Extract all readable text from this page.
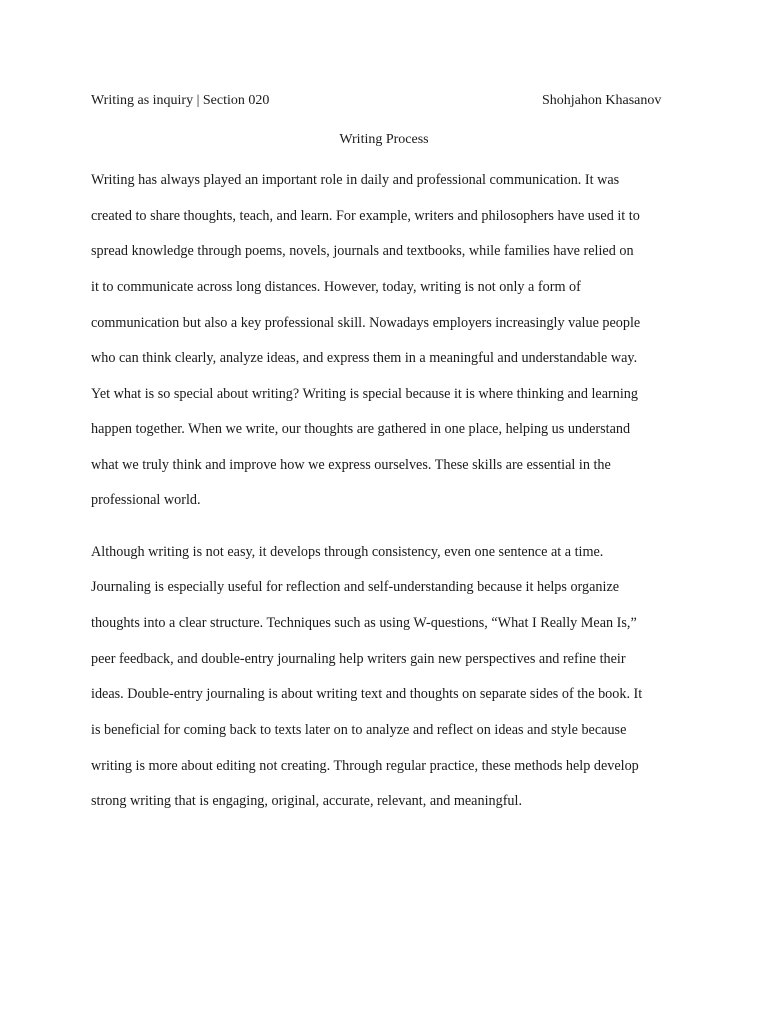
Writing as inquiry | Section 020	Shohjahon Khasanov
Writing Process
Writing has always played an important role in daily and professional communication. It was
created to share thoughts, teach, and learn. For example, writers and philosophers have used it to
spread knowledge through poems, novels, journals and textbooks, while families have relied on
it to communicate across long distances. However, today, writing is not only a form of
communication but also a key professional skill. Nowadays employers increasingly value people
who can think clearly, analyze ideas, and express them in a meaningful and understandable way.
Yet what is so special about writing? Writing is special because it is where thinking and learning
happen together. When we write, our thoughts are gathered in one place, helping us understand
what we truly think and improve how we express ourselves. These skills are essential in the
professional world.
Although writing is not easy, it develops through consistency, even one sentence at a time.
Journaling is especially useful for reflection and self-understanding because it helps organize
thoughts into a clear structure. Techniques such as using W-questions, “What I Really Mean Is,”
peer feedback, and double-entry journaling help writers gain new perspectives and refine their
ideas. Double-entry journaling is about writing text and thoughts on separate sides of the book. It
is beneficial for coming back to texts later on to analyze and reflect on ideas and style because
writing is more about editing not creating. Through regular practice, these methods help develop
strong writing that is engaging, original, accurate, relevant, and meaningful.
